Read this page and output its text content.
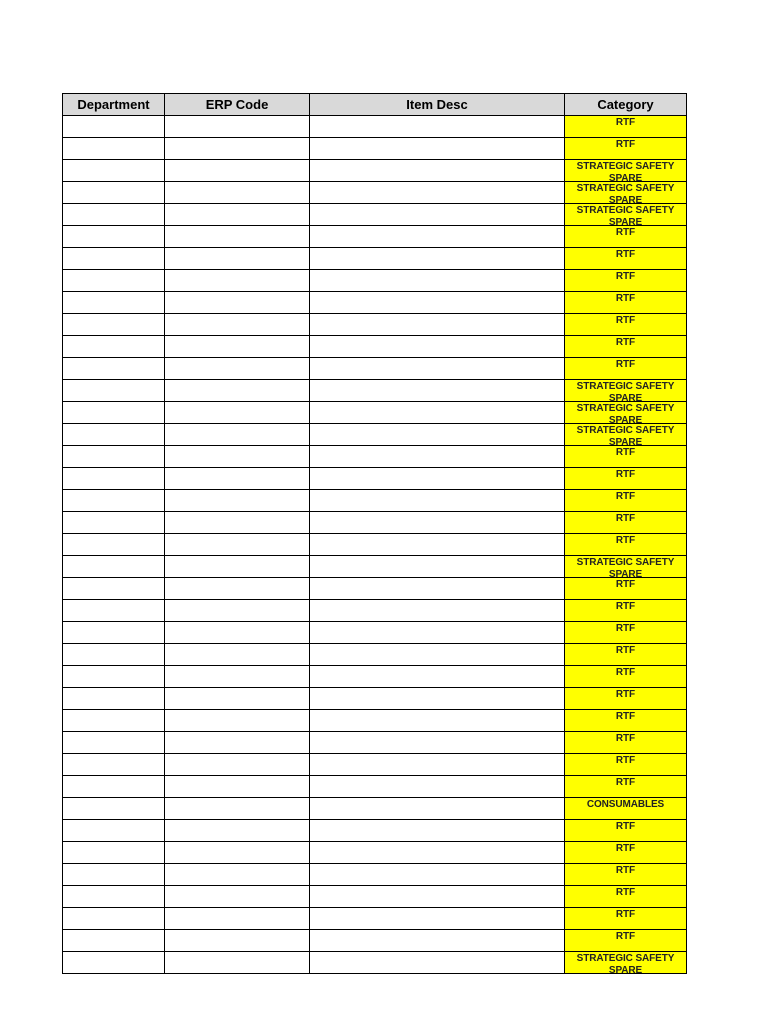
Department	ERP Code	Item Desc	Category

			RTF

			RTF

			STRATEGIC SAFETY SPARE

			STRATEGIC SAFETY SPARE

			STRATEGIC SAFETY SPARE

			RTF

			RTF

			RTF

			RTF

			RTF

			RTF

			RTF

			STRATEGIC SAFETY SPARE

			STRATEGIC SAFETY SPARE

			STRATEGIC SAFETY SPARE

			RTF

			RTF

			RTF

			RTF

			RTF

			STRATEGIC SAFETY SPARE

			RTF

			RTF

			RTF

			RTF

			RTF

			RTF

			RTF

			RTF

			RTF

			RTF

			CONSUMABLES

			RTF

			RTF

			RTF

			RTF

			RTF

			RTF

			STRATEGIC SAFETY SPARE
